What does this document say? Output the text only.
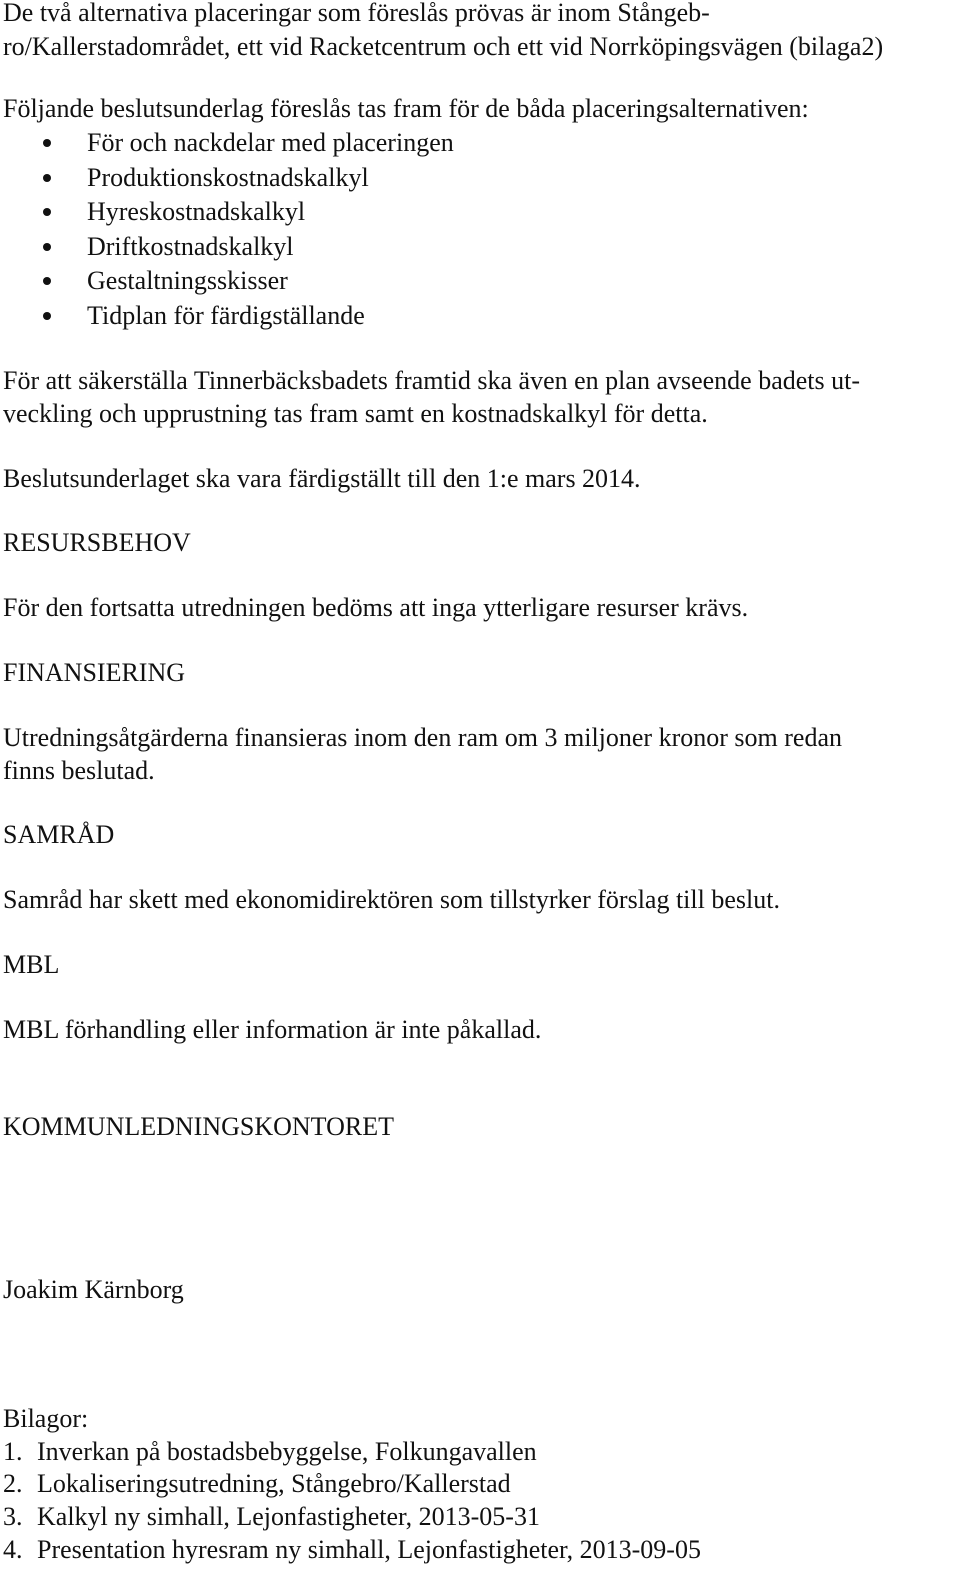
De två alternativa placeringar som föreslås prövas är inom Stångeb-

ro/Kallerstadområdet, ett vid Racketcentrum och ett vid Norrköpingsvägen (bilaga2)

Följande beslutsunderlag föreslås tas fram för de båda placeringsalternativen:

För och nackdelar med placeringen
Produktionskostnadskalkyl
Hyreskostnadskalkyl
Driftkostnadskalkyl
Gestaltningsskisser
Tidplan för färdigställande

För att säkerställa Tinnerbäcksbadets framtid ska även en plan avseende badets ut-

veckling och upprustning tas fram samt en kostnadskalkyl för detta.

Beslutsunderlaget ska vara färdigställt till den 1:e mars 2014.

RESURSBEHOV

För den fortsatta utredningen bedöms att inga ytterligare resurser krävs.

FINANSIERING

Utredningsåtgärderna finansieras inom den ram om 3 miljoner kronor som redan

finns beslutad.

SAMRÅD

Samråd har skett med ekonomidirektören som tillstyrker förslag till beslut.

MBL

MBL förhandling eller information är inte påkallad.

KOMMUNLEDNINGSKONTORET

Joakim Kärnborg

Bilagor:

1. Inverkan på bostadsbebyggelse, Folkungavallen
2. Lokaliseringsutredning, Stångebro/Kallerstad
3. Kalkyl ny simhall, Lejonfastigheter, 2013-05-31
4. Presentation hyresram ny simhall, Lejonfastigheter, 2013-09-05
